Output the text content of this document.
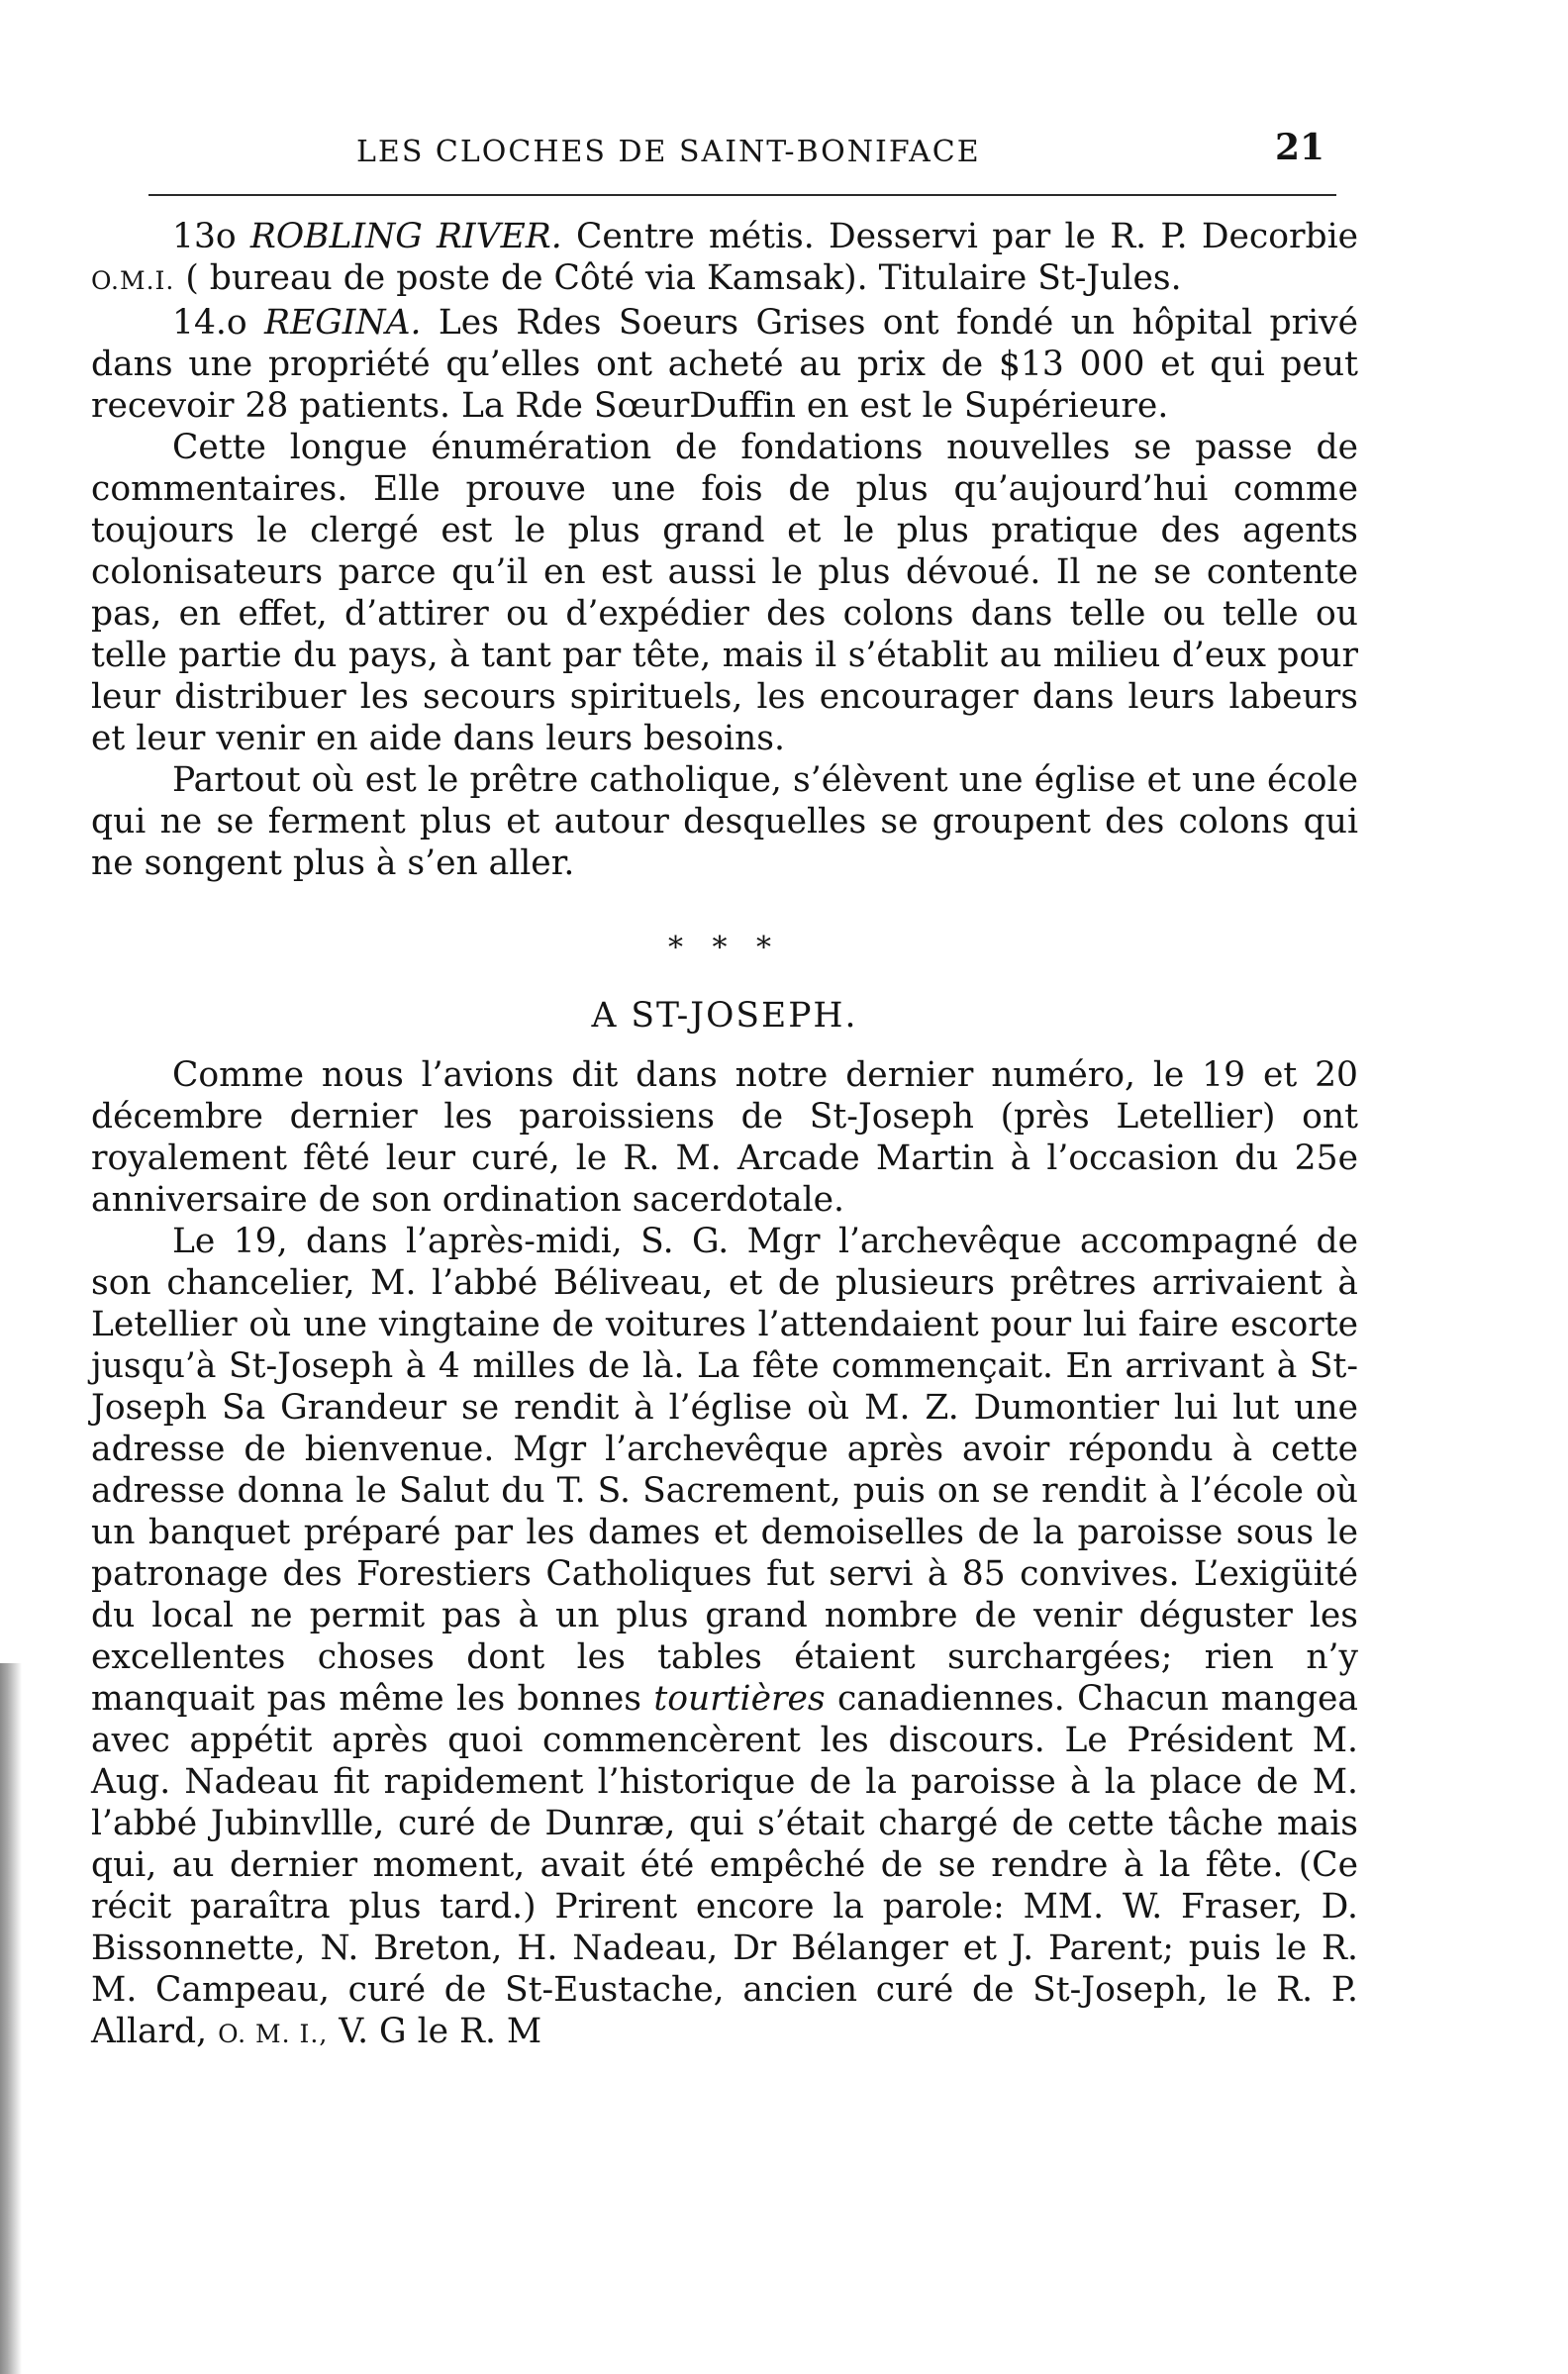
LES CLOCHES DE SAINT-BONIFACE	21

13o ROBLING RIVER. Centre métis. Desservi par le R. P. Decorbie O.M.I. ( bureau de poste de Côté via Kamsak). Titulaire St-Jules.

14.o REGINA. Les Rdes Soeurs Grises ont fondé un hôpital privé dans une propriété qu’elles ont acheté au prix de $13 000 et qui peut recevoir 28 patients. La Rde SœurDuffin en est le Supérieure.

Cette longue énumération de fondations nouvelles se passe de commentaires. Elle prouve une fois de plus qu’aujourd’hui comme toujours le clergé est le plus grand et le plus pratique des agents colonisateurs parce qu’il en est aussi le plus dévoué. Il ne se contente pas, en effet, d’attirer ou d’expédier des colons dans telle ou telle ou telle partie du pays, à tant par tête, mais il s’établit au milieu d’eux pour leur distribuer les secours spirituels, les encourager dans leurs labeurs et leur venir en aide dans leurs besoins.

Partout où est le prêtre catholique, s’élèvent une église et une école qui ne se ferment plus et autour desquelles se groupent des colons qui ne songent plus à s’en aller.

* * *
A ST-JOSEPH.

Comme nous l’avions dit dans notre dernier numéro, le 19 et 20 décembre dernier les paroissiens de St-Joseph (près Letellier) ont royalement fêté leur curé, le R. M. Arcade Martin à l’occasion du 25e anniversaire de son ordination sacerdotale.

Le 19, dans l’après-midi, S. G. Mgr l’archevêque accompagné de son chancelier, M. l’abbé Béliveau, et de plusieurs prêtres arrivaient à Letellier où une vingtaine de voitures l’attendaient pour lui faire escorte jusqu’à St-Joseph à 4 milles de là. La fête commençait. En arrivant à St-Joseph Sa Grandeur se rendit à l’église où M. Z. Dumontier lui lut une adresse de bienvenue. Mgr l’archevêque après avoir répondu à cette adresse donna le Salut du T. S. Sacrement, puis on se rendit à l’école où un banquet préparé par les dames et demoiselles de la paroisse sous le patronage des Forestiers Catholiques fut servi à 85 convives. L’exigüité du local ne permit pas à un plus grand nombre de venir déguster les excellentes choses dont les tables étaient surchargées; rien n’y manquait pas même les bonnes tourtières canadiennes. Chacun mangea avec appétit après quoi commencèrent les discours. Le Président M. Aug. Nadeau fit rapidement l’historique de la paroisse à la place de M. l’abbé Jubinvllle, curé de Dunræ, qui s’était chargé de cette tâche mais qui, au dernier moment, avait été empêché de se rendre à la fête. (Ce récit paraîtra plus tard.) Prirent encore la parole: MM. W. Fraser, D. Bissonnette, N. Breton, H. Nadeau, Dr Bélanger et J. Parent; puis le R. M. Campeau, curé de St-Eustache, ancien curé de St-Joseph, le R. P. Allard, O. M. I., V. G le R. M
